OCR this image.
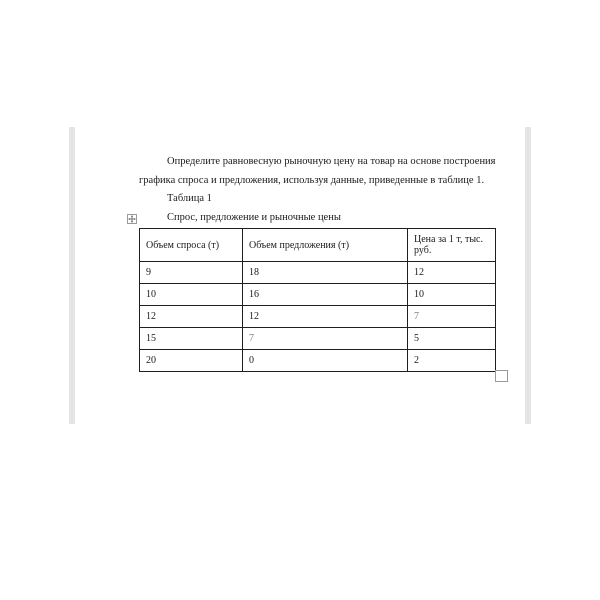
Определите равновесную рыночную цену на товар на основе построения
графика спроса и предложения, используя данные, приведенные в таблице 1.
Таблица 1
Спрос, предложение и рыночные цены
Объем спроса (т)	Объем предложения (т)	Цена за 1 т, тыс. руб.
9	18	12
10	16	10
12	12	7
15	7	5
20	0	2
